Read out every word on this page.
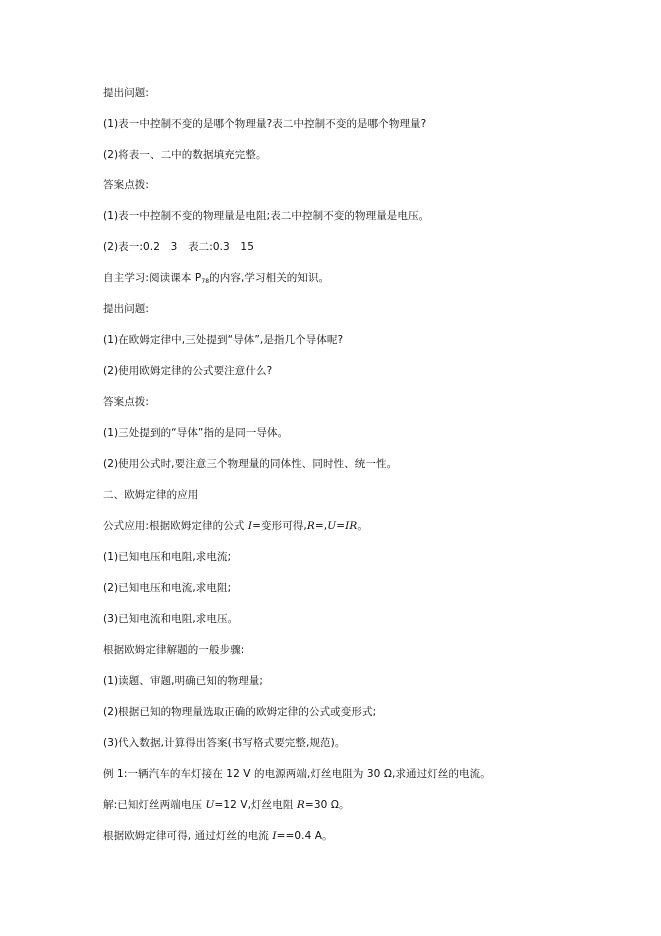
提出问题:
(1)表一中控制不变的是哪个物理量?表二中控制不变的是哪个物理量?
(2)将表一、二中的数据填充完整。
答案点拨:
(1)表一中控制不变的物理量是电阻;表二中控制不变的物理量是电压。
(2)表一:0.2　3　表二:0.3　15
自主学习:阅读课本 $P_{78}$的内容,学习相关的知识。
提出问题:
(1)在欧姆定律中,三处提到“导体”,是指几个导体呢?
(2)使用欧姆定律的公式要注意什么?
答案点拨:
(1)三处提到的“导体”指的是同一导体。
(2)使用公式时,要注意三个物理量的同体性、同时性、统一性。
二、欧姆定律的应用
公式应用:根据欧姆定律的公式 I=变形可得,R=,U=IR。
(1)已知电压和电阻,求电流;
(2)已知电压和电流,求电阻;
(3)已知电流和电阻,求电压。
根据欧姆定律解题的一般步骤:
(1)读题、审题,明确已知的物理量;
(2)根据已知的物理量选取正确的欧姆定律的公式或变形式;
(3)代入数据,计算得出答案(书写格式要完整,规范)。
例 1:一辆汽车的车灯接在 12 V 的电源两端,灯丝电阻为 30 Ω,求通过灯丝的电流。
解:已知灯丝两端电压 U=12 V,灯丝电阻 R=30 Ω。
根据欧姆定律可得, 通过灯丝的电流 I==0.4 A。
